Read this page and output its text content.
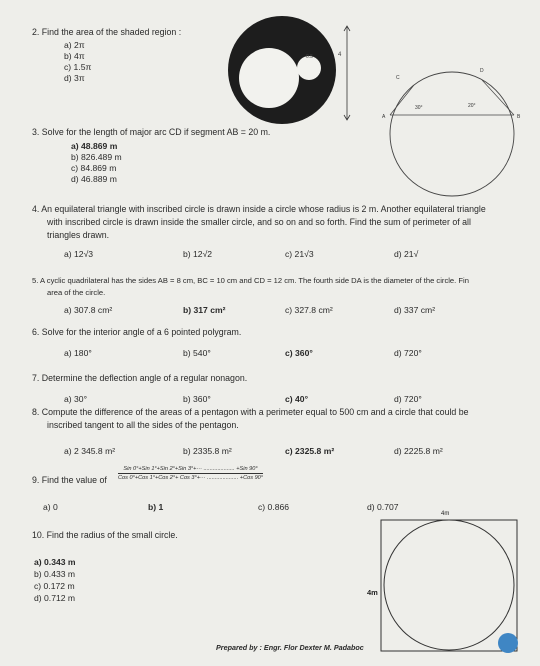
2. Find the area of the shaded region :
a) 2π
b) 4π
c) 1.5π
d) 3π
0.5	4
3. Solve for the length of major arc CD if segment AB = 20 m.
a) 48.869 m
b) 826.489 m
c) 84.869 m
d) 46.889 m
A	B
C
D
30°	20°
4. An equilateral triangle with inscribed circle is drawn inside a circle whose radius is 2 m. Another equilateral triangle
with inscribed circle is drawn inside the smaller circle, and so on and so forth. Find the sum of perimeter of all
triangles drawn.
a) 12√3	b) 12√2	c) 21√3	d) 21√
5. A cyclic quadrilateral has the sides AB = 8 cm, BC = 10 cm and CD = 12 cm. The fourth side DA is the diameter of the circle. Fin
area of the circle.
a) 307.8 cm²	b) 317 cm²	c) 327.8 cm²	d) 337 cm²
6. Solve for the interior angle of a 6 pointed polygram.
a) 180°	b) 540°	c) 360°	d) 720°
7. Determine the deflection angle of a regular nonagon.
a) 30°	b) 360°	c) 40°	d) 720°
8. Compute the difference of the areas of a pentagon with a perimeter equal to 500 cm and a circle that could be
inscribed tangent to all the sides of the pentagon.
a) 2 345.8 m²	b) 2335.8 m²	c) 2325.8 m²	d) 2225.8 m²
9. Find the value of
Sin 0°+Sin 1°+Sin 2°+Sin 3°+··· .................... +Sin 90°
Cos 0°+Cos 1°+Cos 2°+ Cos 3°+··· .................... +Cos 90°
a) 0	b) 1	c) 0.866	d) 0.707
10. Find the radius of the small circle.
a) 0.343 m
b) 0.433 m
c) 0.172 m
d) 0.712 m
4m
4m
Prepared by : Engr. Flor Dexter M. Padaboc
